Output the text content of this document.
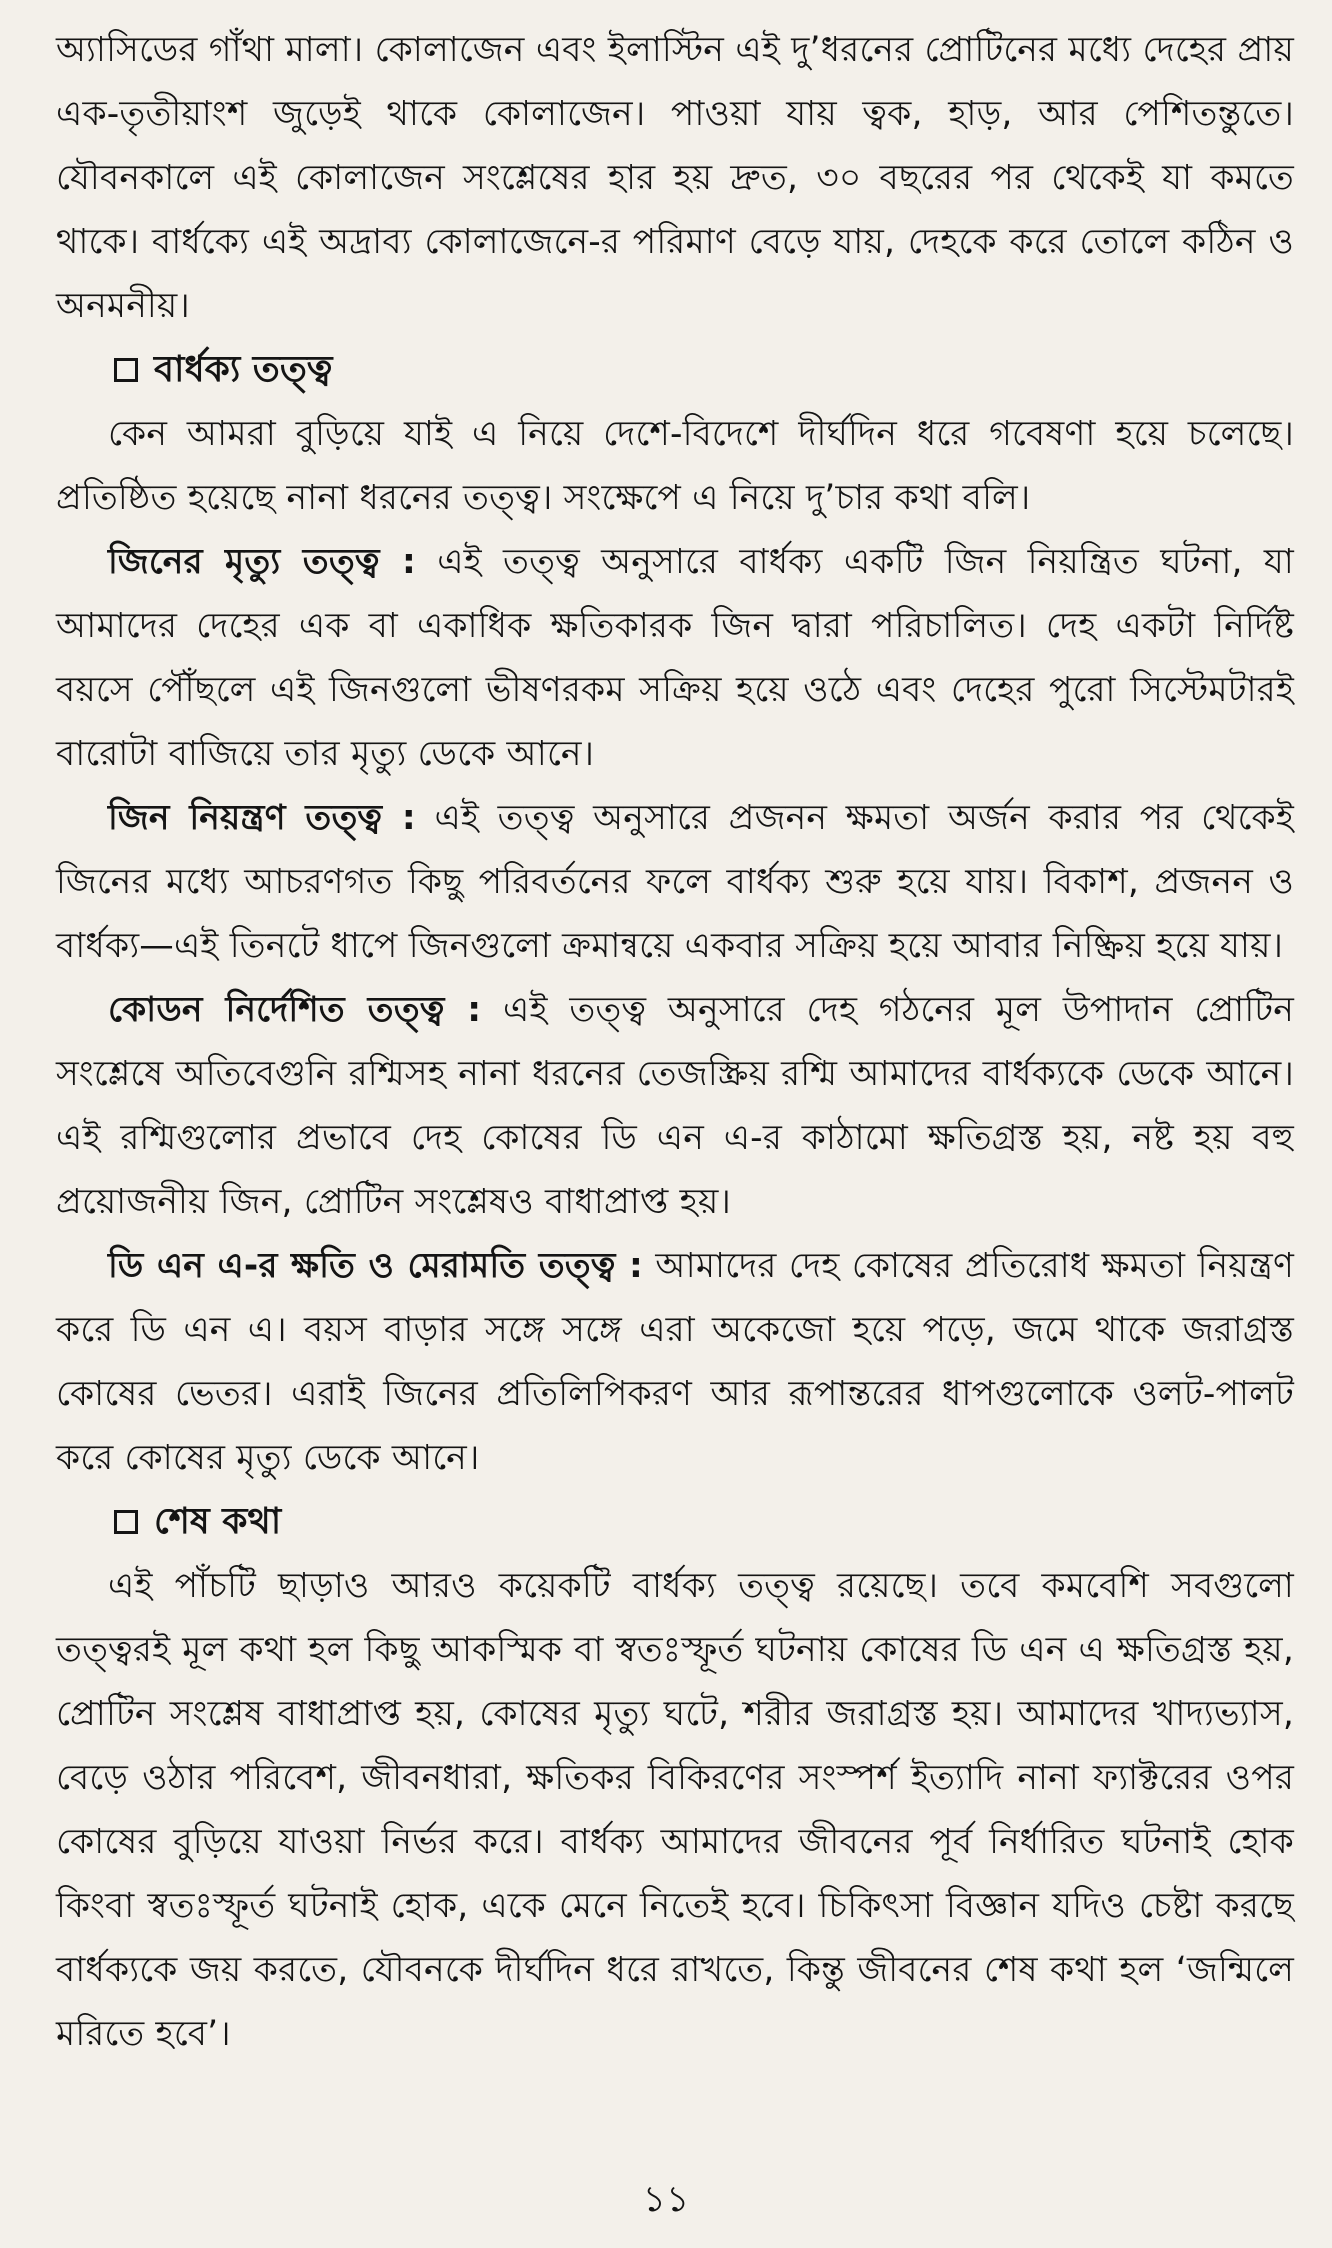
অ্যাসিডের গাঁথা মালা। কোলাজেন এবং ইলাস্টিন এই দু’ধরনের প্রোটিনের মধ্যে দেহের প্রায় এক-তৃতীয়াংশ জুড়েই থাকে কোলাজেন। পাওয়া যায় ত্বক, হাড়, আর পেশিতন্তুতে। যৌবনকালে এই কোলাজেন সংশ্লেষের হার হয় দ্রুত, ৩০ বছরের পর থেকেই যা কমতে থাকে। বার্ধক্যে এই অদ্রাব্য কোলাজেনে-র পরিমাণ বেড়ে যায়, দেহকে করে তোলে কঠিন ও অনমনীয়।

বার্ধক্য তত্ত্ব

কেন আমরা বুড়িয়ে যাই এ নিয়ে দেশে-বিদেশে দীর্ঘদিন ধরে গবেষণা হয়ে চলেছে। প্রতিষ্ঠিত হয়েছে নানা ধরনের তত্ত্ব। সংক্ষেপে এ নিয়ে দু’চার কথা বলি।

জিনের মৃত্যু তত্ত্ব : এই তত্ত্ব অনুসারে বার্ধক্য একটি জিন নিয়ন্ত্রিত ঘটনা, যা আমাদের দেহের এক বা একাধিক ক্ষতিকারক জিন দ্বারা পরিচালিত। দেহ একটা নির্দিষ্ট বয়সে পৌঁছলে এই জিনগুলো ভীষণরকম সক্রিয় হয়ে ওঠে এবং দেহের পুরো সিস্টেমটারই বারোটা বাজিয়ে তার মৃত্যু ডেকে আনে।

জিন নিয়ন্ত্রণ তত্ত্ব : এই তত্ত্ব অনুসারে প্রজনন ক্ষমতা অর্জন করার পর থেকেই জিনের মধ্যে আচরণগত কিছু পরিবর্তনের ফলে বার্ধক্য শুরু হয়ে যায়। বিকাশ, প্রজনন ও বার্ধক্য—এই তিনটে ধাপে জিনগুলো ক্রমান্বয়ে একবার সক্রিয় হয়ে আবার নিষ্ক্রিয় হয়ে যায়।

কোডন নির্দেশিত তত্ত্ব : এই তত্ত্ব অনুসারে দেহ গঠনের মূল উপাদান প্রোটিন সংশ্লেষে অতিবেগুনি রশ্মিসহ নানা ধরনের তেজস্ক্রিয় রশ্মি আমাদের বার্ধক্যকে ডেকে আনে। এই রশ্মিগুলোর প্রভাবে দেহ কোষের ডি এন এ-র কাঠামো ক্ষতিগ্রস্ত হয়, নষ্ট হয় বহু প্রয়োজনীয় জিন, প্রোটিন সংশ্লেষও বাধাপ্রাপ্ত হয়।

ডি এন এ-র ক্ষতি ও মেরামতি তত্ত্ব : আমাদের দেহ কোষের প্রতিরোধ ক্ষমতা নিয়ন্ত্রণ করে ডি এন এ। বয়স বাড়ার সঙ্গে সঙ্গে এরা অকেজো হয়ে পড়ে, জমে থাকে জরাগ্রস্ত কোষের ভেতর। এরাই জিনের প্রতিলিপিকরণ আর রূপান্তরের ধাপগুলোকে ওলট-পালট করে কোষের মৃত্যু ডেকে আনে।

শেষ কথা

এই পাঁচটি ছাড়াও আরও কয়েকটি বার্ধক্য তত্ত্ব রয়েছে। তবে কমবেশি সবগুলো তত্ত্বরই মূল কথা হল কিছু আকস্মিক বা স্বতঃস্ফূর্ত ঘটনায় কোষের ডি এন এ ক্ষতিগ্রস্ত হয়, প্রোটিন সংশ্লেষ বাধাপ্রাপ্ত হয়, কোষের মৃত্যু ঘটে, শরীর জরাগ্রস্ত হয়। আমাদের খাদ্যভ্যাস, বেড়ে ওঠার পরিবেশ, জীবনধারা, ক্ষতিকর বিকিরণের সংস্পর্শ ইত্যাদি নানা ফ্যাক্টরের ওপর কোষের বুড়িয়ে যাওয়া নির্ভর করে। বার্ধক্য আমাদের জীবনের পূর্ব নির্ধারিত ঘটনাই হোক কিংবা স্বতঃস্ফূর্ত ঘটনাই হোক, একে মেনে নিতেই হবে। চিকিৎসা বিজ্ঞান যদিও চেষ্টা করছে বার্ধক্যকে জয় করতে, যৌবনকে দীর্ঘদিন ধরে রাখতে, কিন্তু জীবনের শেষ কথা হল ‘জন্মিলে মরিতে হবে’।

১১
